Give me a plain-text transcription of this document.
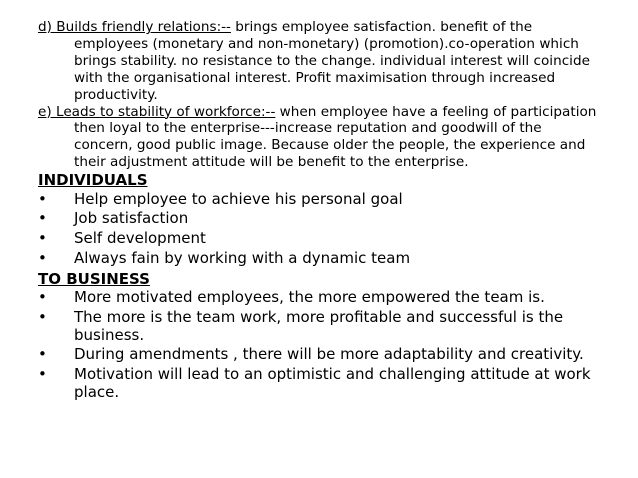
d) Builds friendly relations:-- brings employee satisfaction. benefit of the employees (monetary and non-monetary) (promotion).co-operation which brings stability. no resistance to the change. individual interest will coincide with the organisational interest. Profit maximisation through increased productivity.

e) Leads to stability of workforce:-- when employee have a feeling of participation then loyal to the enterprise---increase reputation and goodwill of the concern, good public image. Because older the people, the experience and their adjustment attitude will be benefit to the enterprise.

INDIVIDUALS

•	Help employee to achieve his personal goal

•	Job satisfaction

•	Self development

•	Always fain by working with a dynamic team

TO BUSINESS

•	More motivated employees, the more empowered the team is.

•	The more is the team work, more profitable and successful is the business.

•	During amendments , there will be more adaptability and creativity.

•	Motivation will lead to an optimistic and challenging attitude at work place.
